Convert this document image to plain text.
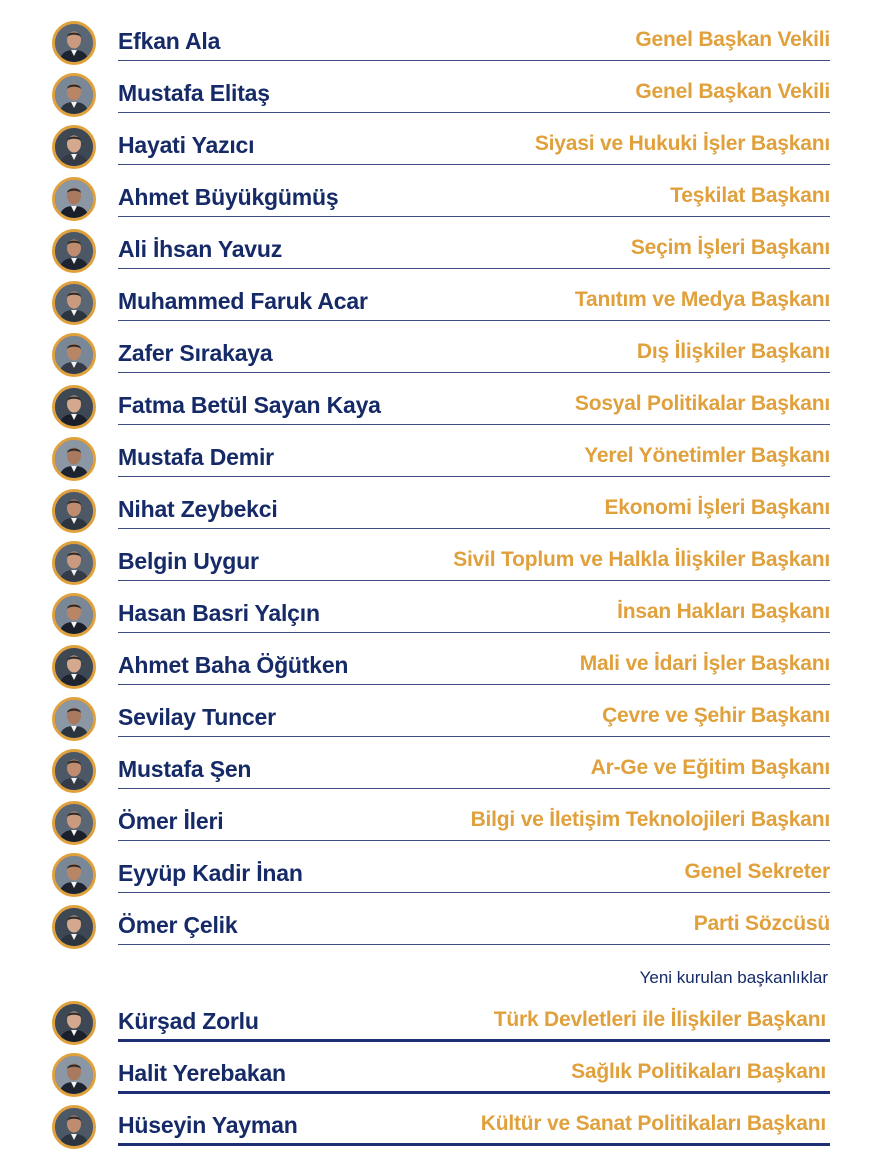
Efkan Ala	Genel Başkan Vekili
Mustafa Elitaş	Genel Başkan Vekili
Hayati Yazıcı	Siyasi ve Hukuki İşler Başkanı
Ahmet Büyükgümüş	Teşkilat Başkanı
Ali İhsan Yavuz	Seçim İşleri Başkanı
Muhammed Faruk Acar	Tanıtım ve Medya Başkanı
Zafer Sırakaya	Dış İlişkiler Başkanı
Fatma Betül Sayan Kaya	Sosyal Politikalar Başkanı
Mustafa Demir	Yerel Yönetimler Başkanı
Nihat Zeybekci	Ekonomi İşleri Başkanı
Belgin Uygur	Sivil Toplum ve Halkla İlişkiler Başkanı
Hasan Basri Yalçın	İnsan Hakları Başkanı
Ahmet Baha Öğütken	Mali ve İdari İşler Başkanı
Sevilay Tuncer	Çevre ve Şehir Başkanı
Mustafa Şen	Ar-Ge ve Eğitim Başkanı
Ömer İleri	Bilgi ve İletişim Teknolojileri Başkanı
Eyyüp Kadir İnan	Genel Sekreter
Ömer Çelik	Parti Sözcüsü
Yeni kurulan başkanlıklar
Kürşad Zorlu	Türk Devletleri ile İlişkiler Başkanı
Halit Yerebakan	Sağlık Politikaları Başkanı
Hüseyin Yayman	Kültür ve Sanat Politikaları Başkanı
